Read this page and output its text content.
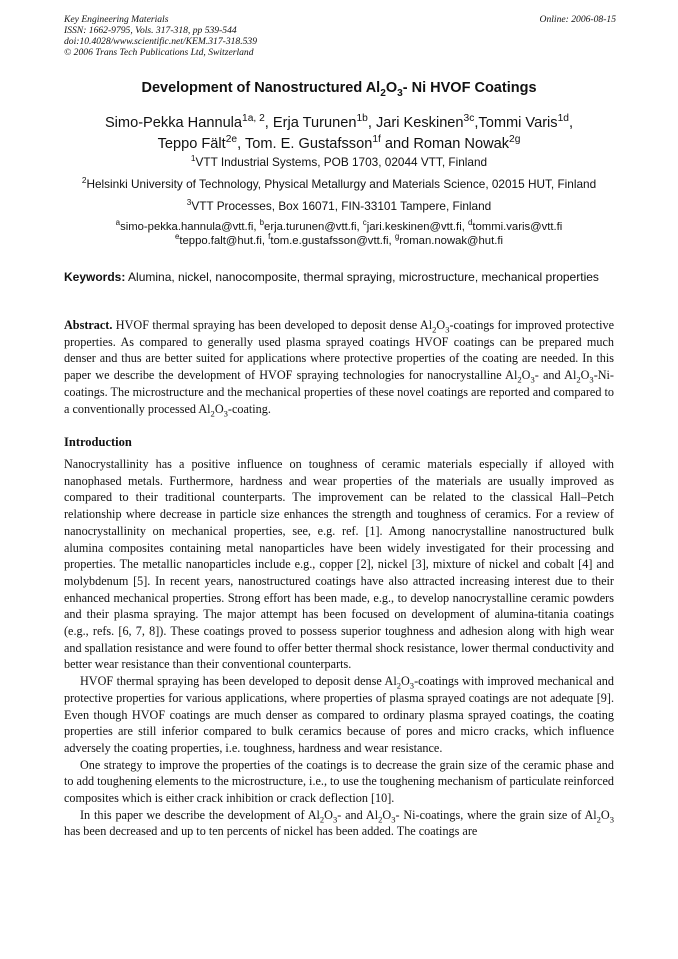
Key Engineering Materials
ISSN: 1662-9795, Vols. 317-318, pp 539-544
doi:10.4028/www.scientific.net/KEM.317-318.539
© 2006 Trans Tech Publications Ltd, Switzerland
Online: 2006-08-15
Development of Nanostructured $Al_2O_3-$ Ni HVOF Coatings
Simo-Pekka Hannula$^{1a, 2}$, Erja Turunen$^{1b}$, Jari Keskinen$^{3c}$,Tommi Varis$^{1d}$,
Teppo Fält$^{2e}$, Tom. E. Gustafsson$^{1f}$ and Roman Nowak$^{2g}$
$^1$VTT Industrial Systems, POB 1703, 02044 VTT, Finland
$^2$Helsinki University of Technology, Physical Metallurgy and Materials Science, 02015 HUT, Finland
$^3$VTT Processes, Box 16071, FIN-33101 Tampere, Finland
$^a$simo-pekka.hannula@vtt.fi, $^b$erja.turunen@vtt.fi, $^c$jari.keskinen@vtt.fi, $^d$tommi.varis@vtt.fi
$^e$teppo.falt@hut.fi, $^f$tom.e.gustafsson@vtt.fi, $^g$roman.nowak@hut.fi
Keywords: Alumina, nickel, nanocomposite, thermal spraying, microstructure, mechanical properties
Abstract. HVOF thermal spraying has been developed to deposit dense $Al_2O_3$-coatings for improved protective properties. As compared to generally used plasma sprayed coatings HVOF coatings can be prepared much denser and thus are better suited for applications where protective properties of the coating are needed. In this paper we describe the development of HVOF spraying technologies for nanocrystalline $Al_2O_3-$ and $Al_2O_3-Ni$-coatings. The microstructure and the mechanical properties of these novel coatings are reported and compared to a conventionally processed $Al_2O_3$-coating.
Introduction

Nanocrystallinity has a positive influence on toughness of ceramic materials especially if alloyed with nanophased metals. Furthermore, hardness and wear properties of the materials are usually improved as compared to their traditional counterparts. The improvement can be related to the classical Hall–Petch relationship where decrease in particle size enhances the strength and toughness of ceramics. For a review of nanocrystallinity on mechanical properties, see, e.g. ref. [1]. Among nanocrystalline nanostructured bulk alumina composites containing metal nanoparticles have been widely investigated for their processing and properties. The metallic nanoparticles include e.g., copper [2], nickel [3], mixture of nickel and cobalt [4] and molybdenum [5]. In recent years, nanostructured coatings have also attracted increasing interest due to their enhanced mechanical properties. Strong effort has been made, e.g., to develop nanocrystalline ceramic powders and their plasma spraying. The major attempt has been focused on development of alumina-titania coatings (e.g., refs. [6, 7, 8]). These coatings proved to possess superior toughness and adhesion along with high wear and spallation resistance and were found to offer better thermal shock resistance, lower thermal conductivity and better wear resistance than their conventional counterparts.

HVOF thermal spraying has been developed to deposit dense $Al_2O_3$-coatings with improved mechanical and protective properties for various applications, where properties of plasma sprayed coatings are not adequate [9]. Even though HVOF coatings are much denser as compared to ordinary plasma sprayed coatings, the coating properties are still inferior compared to bulk ceramics because of pores and micro cracks, which influence adversely the coating properties, i.e. toughness, hardness and wear resistance.

One strategy to improve the properties of the coatings is to decrease the grain size of the ceramic phase and to add toughening elements to the microstructure, i.e., to use the toughening mechanism of particulate reinforced composites which is either crack inhibition or crack deflection [10].

In this paper we describe the development of $Al_2O_3-$ and $Al_2O_3-$ Ni-coatings, where the grain size of $Al_2O_3$ has been decreased and up to ten percents of nickel has been added. The coatings are
